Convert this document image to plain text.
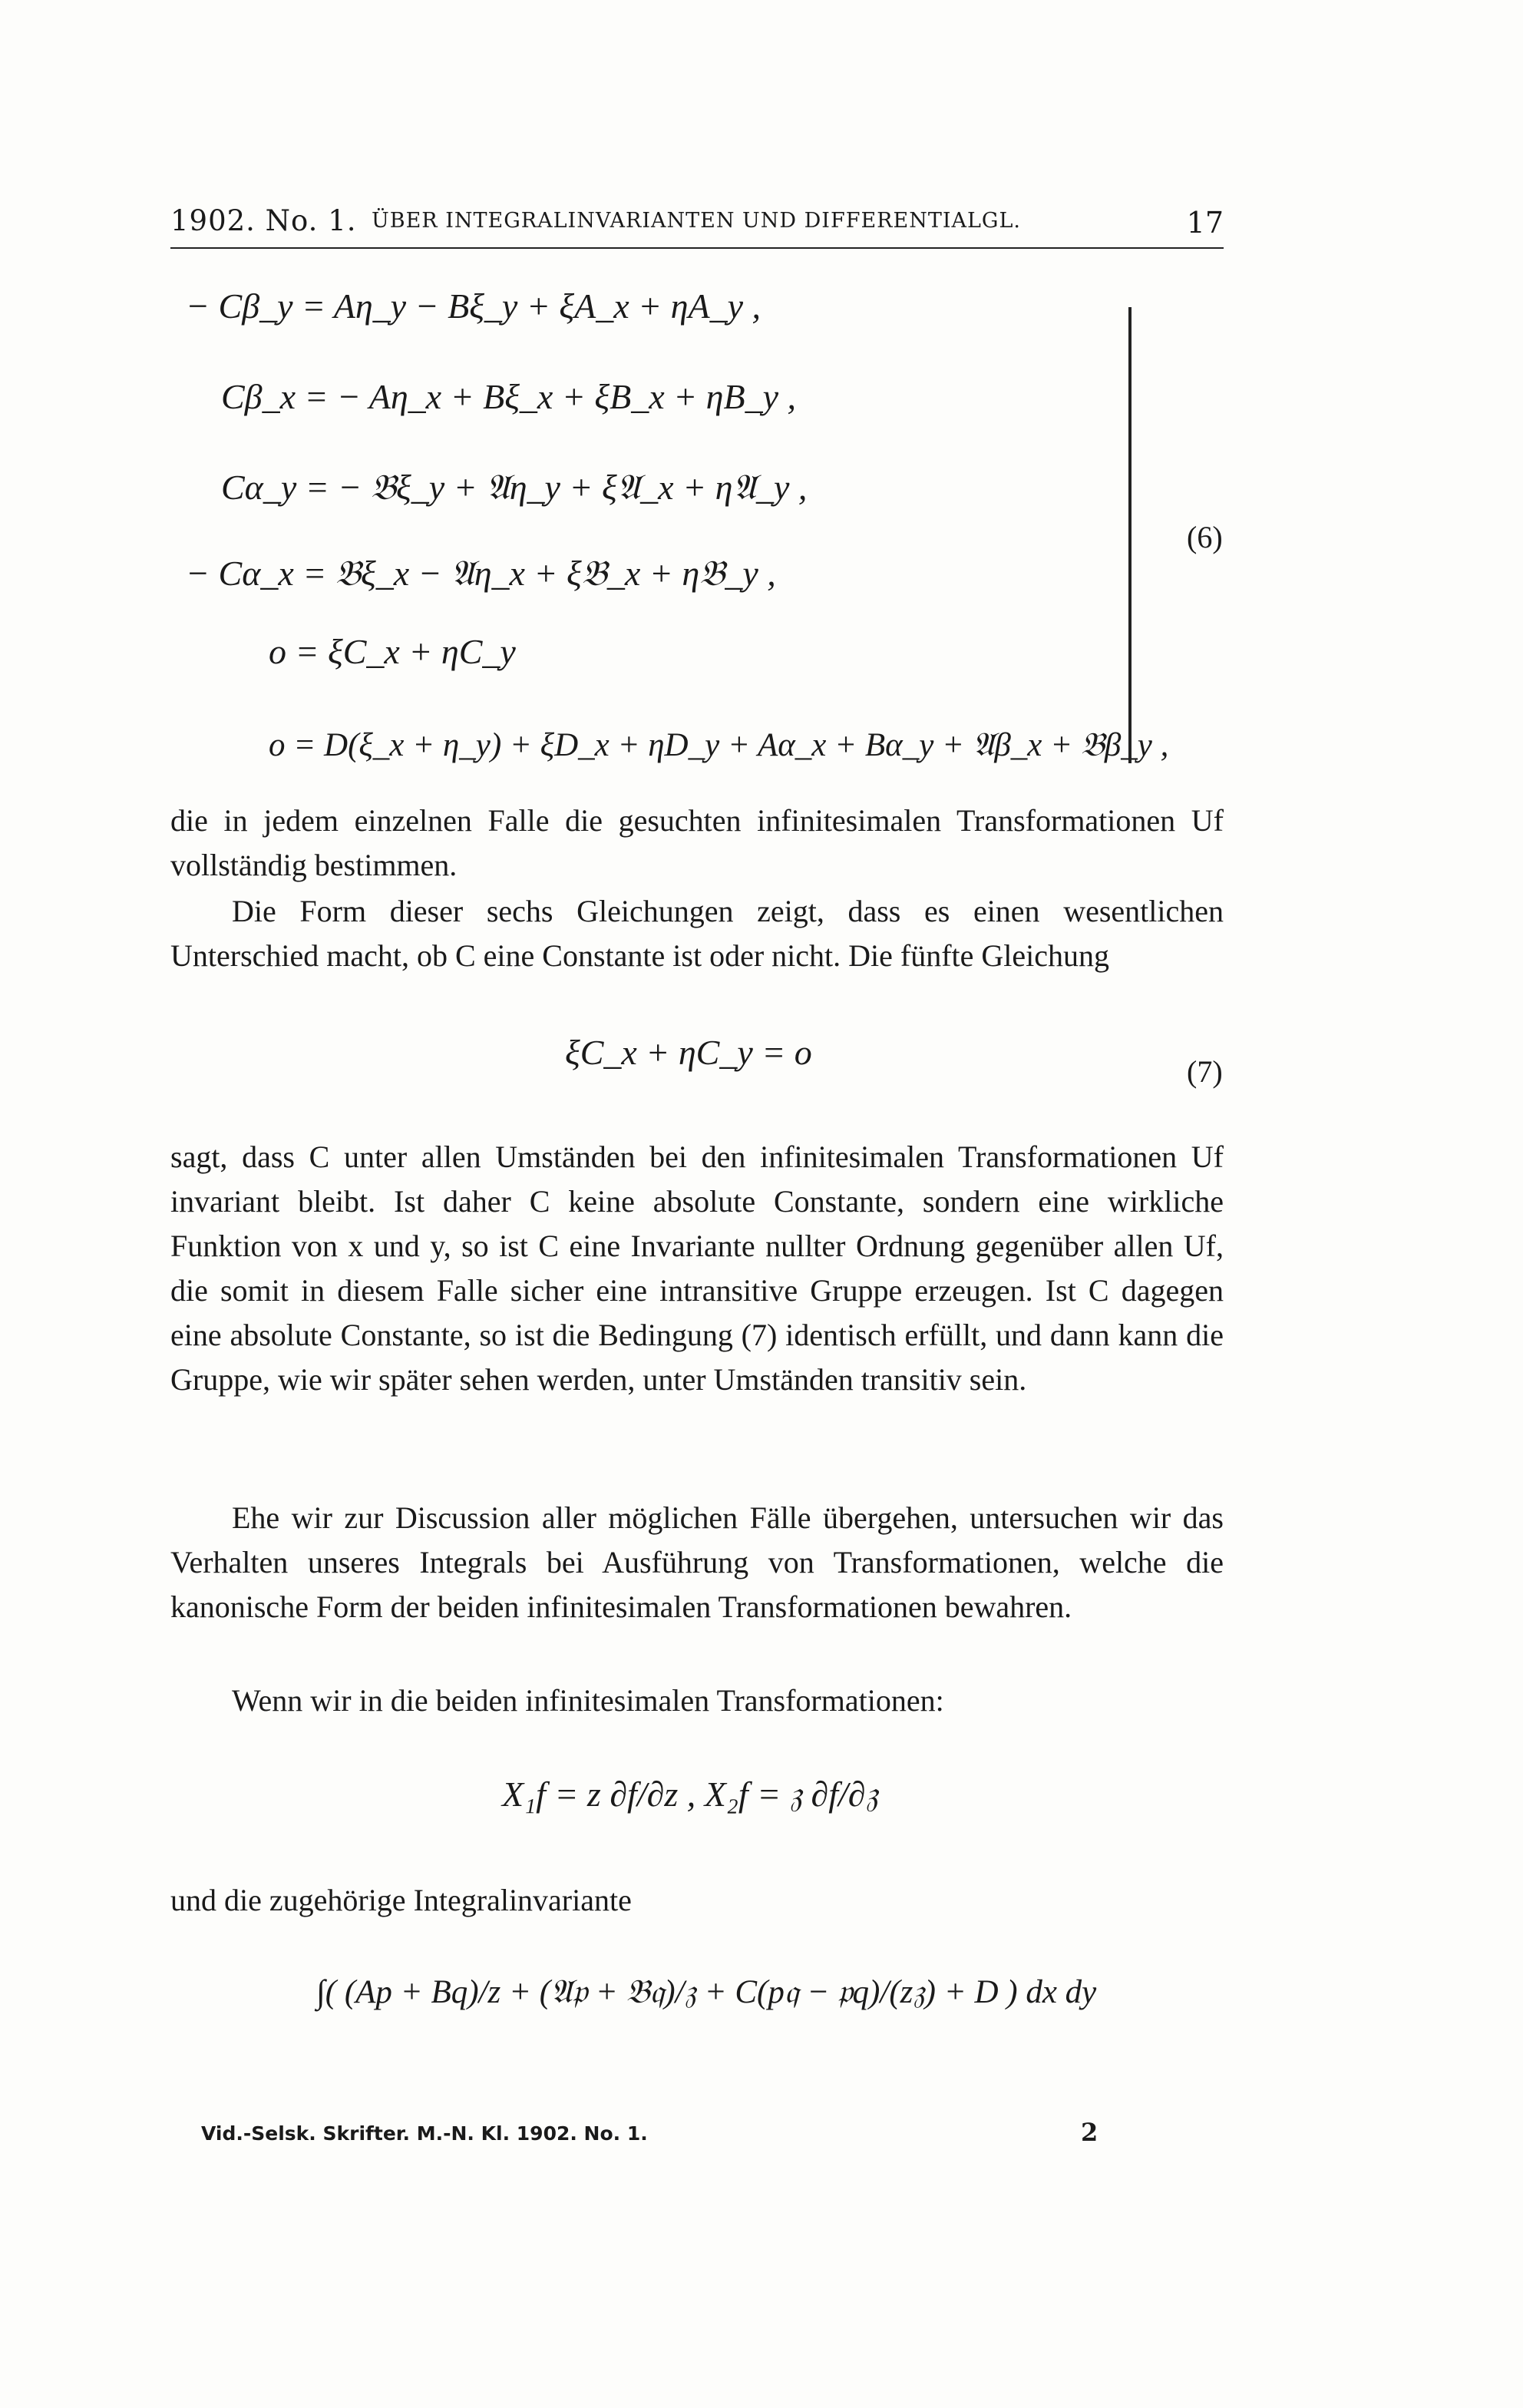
1902. No. 1. ÜBER INTEGRALINVARIANTEN UND DIFFERENTIALGL.	17
− Cβ_y = Aη_y − Bξ_y + ξA_x + ηA_y ,
Cβ_x = − Aη_x + Bξ_x + ξB_x + ηB_y ,
Cα_y = − 𝔅ξ_y + 𝔄η_y + ξ𝔄_x + η𝔄_y ,
− Cα_x = 𝔅ξ_x − 𝔄η_x + ξ𝔅_x + η𝔅_y ,
o = ξC_x + ηC_y
o = D(ξ_x + η_y) + ξD_x + ηD_y + Aα_x + Bα_y + 𝔄β_x + 𝔅β_y ,
(6)

die in jedem einzelnen Falle die gesuchten infinitesimalen Transformationen Uf vollständig bestimmen.

Die Form dieser sechs Gleichungen zeigt, dass es einen wesentlichen Unterschied macht, ob C eine Constante ist oder nicht. Die fünfte Gleichung

ξC_x + ηC_y = o	(7)

sagt, dass C unter allen Umständen bei den infinitesimalen Transformationen Uf invariant bleibt. Ist daher C keine absolute Constante, sondern eine wirkliche Funktion von x und y, so ist C eine Invariante nullter Ordnung gegenüber allen Uf, die somit in diesem Falle sicher eine intransitive Gruppe erzeugen. Ist C dagegen eine absolute Constante, so ist die Bedingung (7) identisch erfüllt, und dann kann die Gruppe, wie wir später sehen werden, unter Umständen transitiv sein.

Ehe wir zur Discussion aller möglichen Fälle übergehen, untersuchen wir das Verhalten unseres Integrals bei Ausführung von Transformationen, welche die kanonische Form der beiden infinitesimalen Transformationen bewahren.

Wenn wir in die beiden infinitesimalen Transformationen:

X₁f = z ∂f/∂z , X₂f = 𝔷 ∂f/∂𝔷

und die zugehörige Integralinvariante

∫( (Ap + Bq)/z + (𝔄𝔭 + 𝔅𝔮)/𝔷 + C(p𝔮 − 𝔭q)/(z𝔷) + D ) dx dy
Vid.-Selsk. Skrifter. M.-N. Kl. 1902. No. 1.	2
